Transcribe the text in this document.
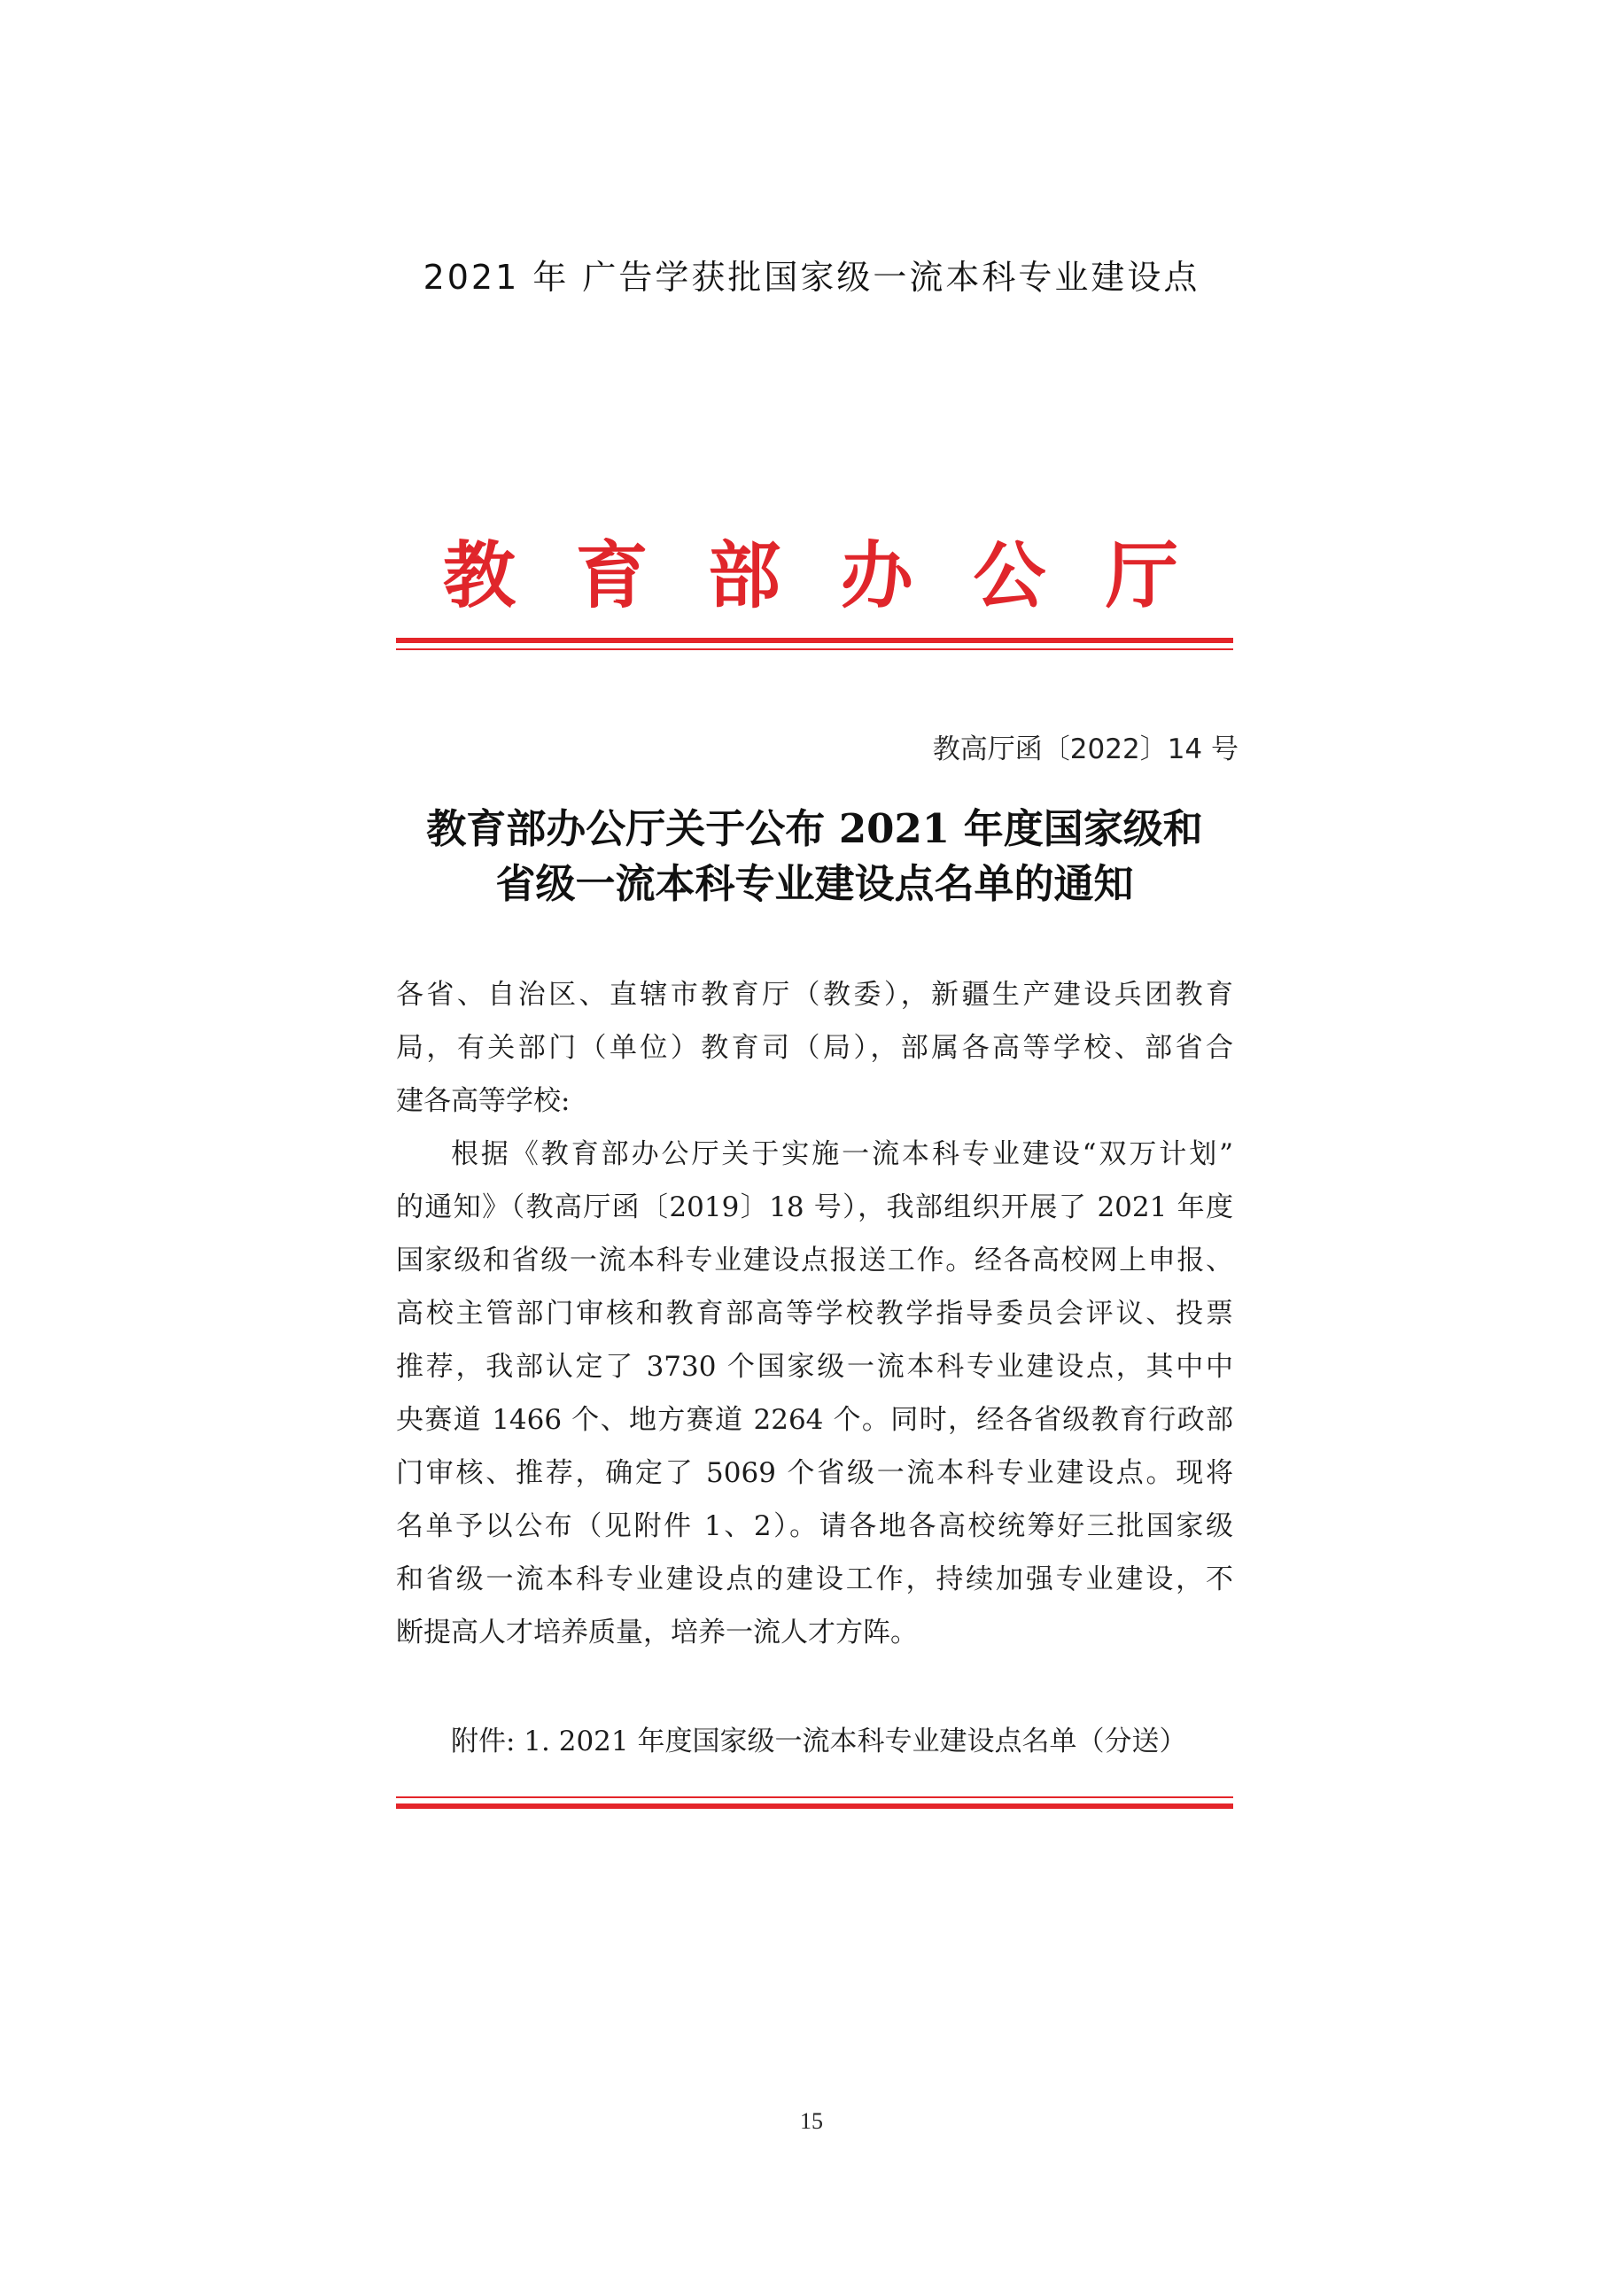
2021 年 广告学获批国家级一流本科专业建设点
教 育 部 办 公 厅
教高厅函〔2022〕14 号
教育部办公厅关于公布 2021 年度国家级和
省级一流本科专业建设点名单的通知
各省、自治区、直辖市教育厅（教委），新疆生产建设兵团教育
局，有关部门（单位）教育司（局），部属各高等学校、部省合
建各高等学校:
根据《教育部办公厅关于实施一流本科专业建设“双万计划”
的通知》（教高厅函〔2019〕18 号），我部组织开展了 2021 年度
国家级和省级一流本科专业建设点报送工作。经各高校网上申报、
高校主管部门审核和教育部高等学校教学指导委员会评议、投票
推荐，我部认定了 3730 个国家级一流本科专业建设点，其中中
央赛道 1466 个、地方赛道 2264 个。同时，经各省级教育行政部
门审核、推荐，确定了 5069 个省级一流本科专业建设点。现将
名单予以公布（见附件 1、2）。请各地各高校统筹好三批国家级
和省级一流本科专业建设点的建设工作，持续加强专业建设，不
断提高人才培养质量，培养一流人才方阵。
附件: 1. 2021 年度国家级一流本科专业建设点名单（分送）
15
